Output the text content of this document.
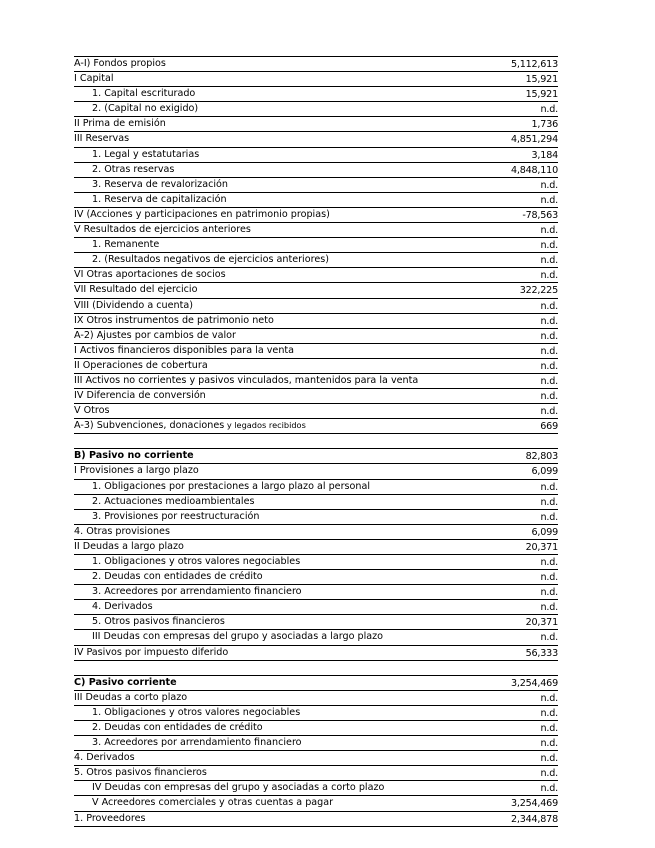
A-I) Fondos propios	5,112,613
I Capital	15,921
1. Capital escriturado	15,921
2. (Capital no exigido)	n.d.
II Prima de emisión	1,736
III Reservas	4,851,294
1. Legal y estatutarias	3,184
2. Otras reservas	4,848,110
3. Reserva de revalorización	n.d.
1. Reserva de capitalización	n.d.
IV (Acciones y participaciones en patrimonio propias)	-78,563
V Resultados de ejercicios anteriores	n.d.
1. Remanente	n.d.
2. (Resultados negativos de ejercicios anteriores)	n.d.
VI Otras aportaciones de socios	n.d.
VII Resultado del ejercicio	322,225
VIII (Dividendo a cuenta)	n.d.
IX Otros instrumentos de patrimonio neto	n.d.
A-2) Ajustes por cambios de valor	n.d.
I Activos financieros disponibles para la venta	n.d.
II Operaciones de cobertura	n.d.
III Activos no corrientes y pasivos vinculados, mantenidos para la venta	n.d.
IV Diferencia de conversión	n.d.
V Otros	n.d.
A-3) Subvenciones, donaciones y legados recibidos	669
B) Pasivo no corriente	82,803
I Provisiones a largo plazo	6,099
1. Obligaciones por prestaciones a largo plazo al personal	n.d.
2. Actuaciones medioambientales	n.d.
3. Provisiones por reestructuración	n.d.
4. Otras provisiones	6,099
II Deudas a largo plazo	20,371
1. Obligaciones y otros valores negociables	n.d.
2. Deudas con entidades de crédito	n.d.
3. Acreedores por arrendamiento financiero	n.d.
4. Derivados	n.d.
5. Otros pasivos financieros	20,371
III Deudas con empresas del grupo y asociadas a largo plazo	n.d.
IV Pasivos por impuesto diferido	56,333
C) Pasivo corriente	3,254,469
III Deudas a corto plazo	n.d.
1. Obligaciones y otros valores negociables	n.d.
2. Deudas con entidades de crédito	n.d.
3. Acreedores por arrendamiento financiero	n.d.
4. Derivados	n.d.
5. Otros pasivos financieros	n.d.
IV Deudas con empresas del grupo y asociadas a corto plazo	n.d.
V Acreedores comerciales y otras cuentas a pagar	3,254,469
1. Proveedores	2,344,878
